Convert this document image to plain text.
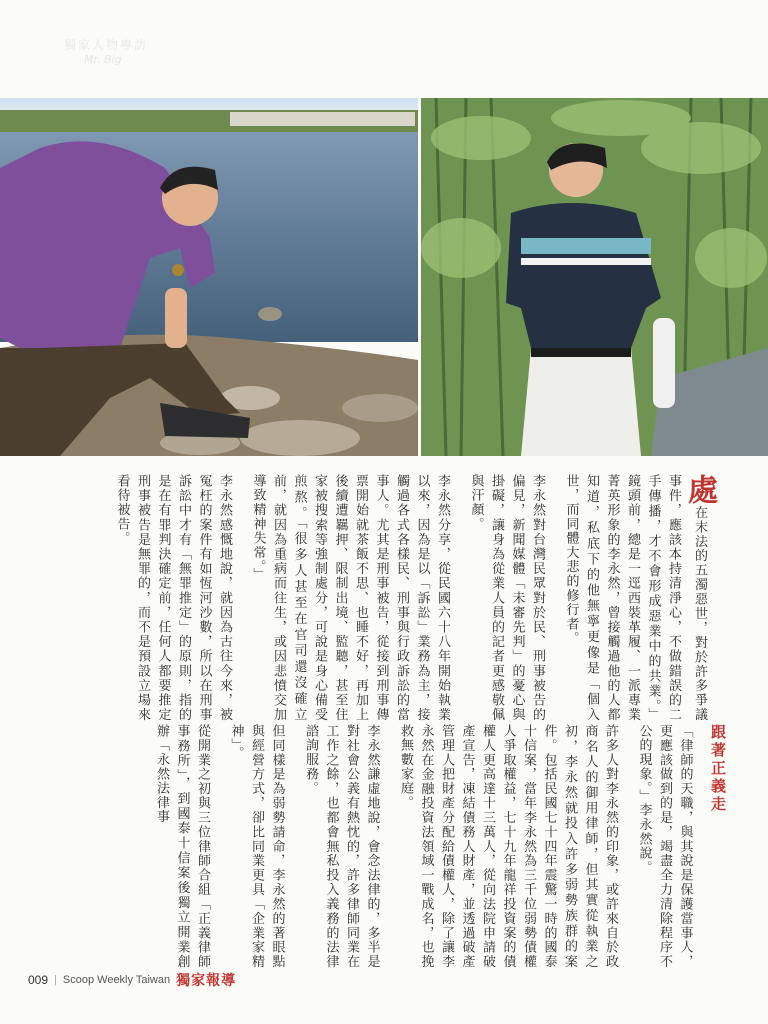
獨家人物專訪
Mr. Big

處在末法的五濁惡世，對於許多爭議事件，應該本持清淨心，不做錯誤的二手傳播，才不會形成惡業中的共業。」鏡頭前，總是一逕西裝革履、一派專業菁英形象的李永然，曾接觸過他的人都知道，私底下的他無寧更像是「個入世，而同體大悲的修行者。

李永然對台灣民眾對於民、刑事被告的偏見，新聞媒體「未審先判」的憂心與掛礙，讓身為從業人員的記者更感敬佩與汗顏。

李永然分享，從民國六十八年開始執業以來，因為是以「訴訟」業務為主，接觸過各式各樣民、刑事與行政訴訟的當事人。尤其是刑事被告，從接到刑事傳票開始就茶飯不思、也睡不好，再加上後續遭羈押、限制出境、監聽，甚至住家被搜索等強制處分，可說是身心備受煎熬。「很多人甚至在官司還沒確立前，就因為重病而往生，或因悲憤交加導致精神失常。」

李永然感慨地說，就因為古往今來，被冤枉的案件有如恆河沙數，所以在刑事訴訟中才有「無罪推定」的原則，指的是在有罪判決確定前，任何人都要推定刑事被告是無罪的，而不是預設立場來看待被告。

跟著正義走

「律師的天職，與其說是保護當事人，更應該做到的是，竭盡全力清除程序不公的現象。」李永然說。

許多人對李永然的印象，或許來自於政商名人的御用律師，但其實從執業之初，李永然就投入許多弱勢族群的案件。包括民國七十四年震驚一時的國泰十信案，當年李永然為三千位弱勢債權人爭取權益，七十九年龍祥投資案的債權人更高達十三萬人，從向法院申請破產宣告，凍結債務人財產，並透過破產管理人把財產分配給債權人，除了讓李永然在金融投資法領域一戰成名，也挽救無數家庭。

李永然謙虛地說，會念法律的，多半是對社會公義有熱忱的，許多律師同業在工作之餘，也都會無私投入義務的法律諮詢服務。

但同樣是為弱勢請命，李永然的著眼點與經營方式，卻比同業更具「企業家精神」。

從開業之初與三位律師合組「正義律師事務所」，到國泰十信案後獨立開業創辦「永然法律事

009 | Scoop Weekly Taiwan 獨家報導
